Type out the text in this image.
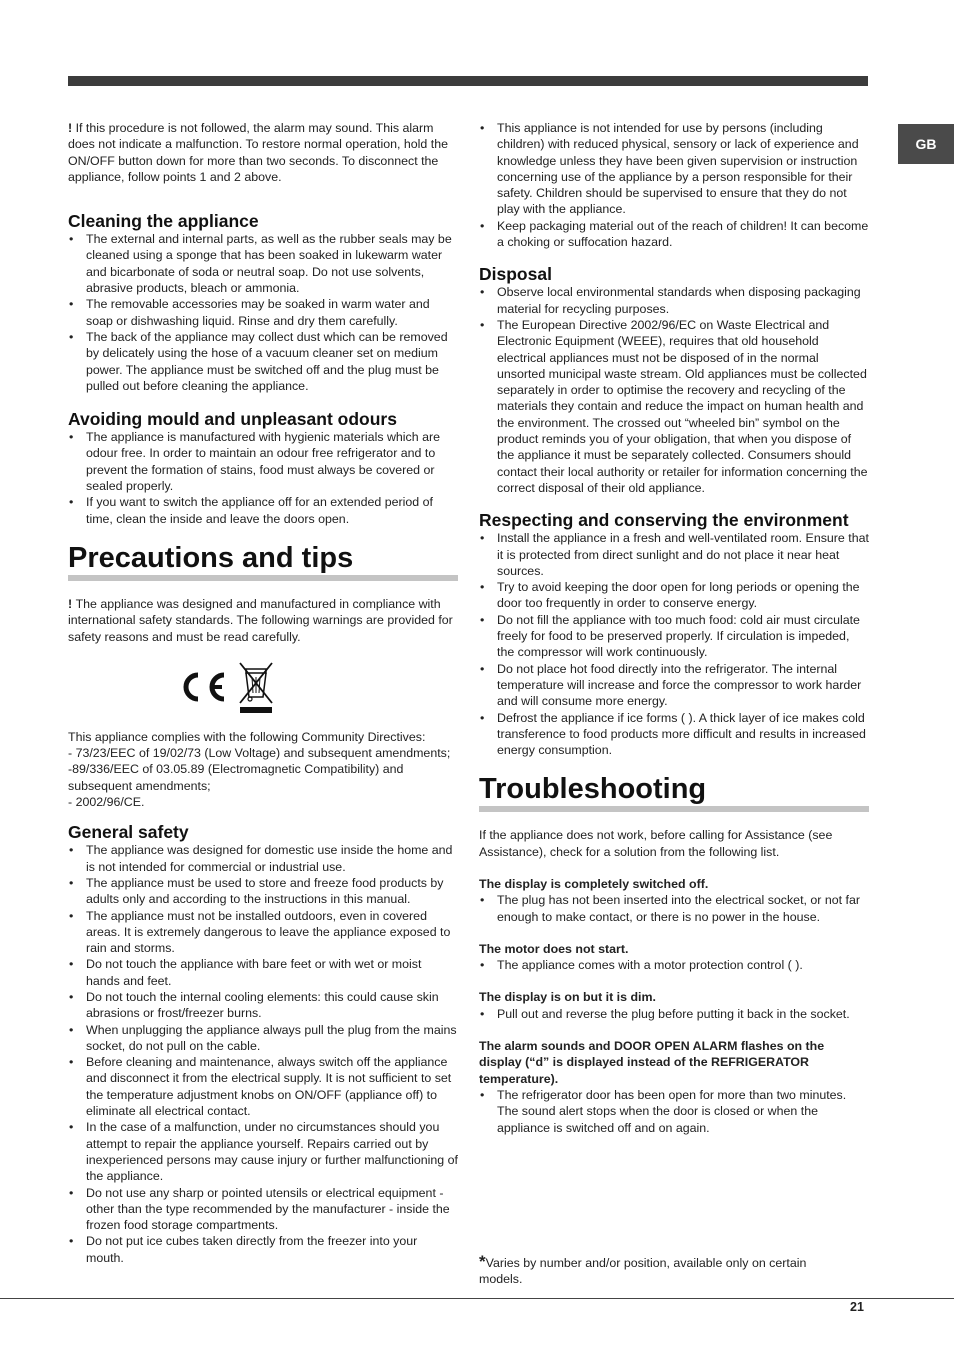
GB

! If this procedure is not followed, the alarm may sound. This alarm does not indicate a malfunction. To restore normal operation, hold the ON/OFF button down for more than two seconds. To disconnect the appliance, follow points 1 and 2 above.

Cleaning the appliance
• The external and internal parts, as well as the rubber seals may be cleaned using a sponge that has been soaked in lukewarm water and bicarbonate of soda or neutral soap. Do not use solvents, abrasive products, bleach or ammonia.
• The removable accessories may be soaked in warm water and soap or dishwashing liquid. Rinse and dry them carefully.
• The back of the appliance may collect dust which can be removed by delicately using the hose of a vacuum cleaner set on medium power. The appliance must be switched off and the plug must be pulled out before cleaning the appliance.
Avoiding mould and unpleasant odours
• The appliance is manufactured with hygienic materials which are odour free. In order to maintain an odour free refrigerator and to prevent the formation of stains, food must always be covered or sealed properly.
• If you want to switch the appliance off for an extended period of time, clean the inside and leave the doors open.
Precautions and tips

! The appliance was designed and manufactured in compliance with international safety standards. The following warnings are provided for safety reasons and must be read carefully.

This appliance complies with the following Community Directives:

- 73/23/EEC of 19/02/73 (Low Voltage) and subsequent amendments;

-89/336/EEC of 03.05.89 (Electromagnetic Compatibility) and subsequent amendments;

- 2002/96/CE.

General safety
• The appliance was designed for domestic use inside the home and is not intended for commercial or industrial use.
• The appliance must be used to store and freeze food products by adults only and according to the instructions in this manual.
• The appliance must not be installed outdoors, even in covered areas. It is extremely dangerous to leave the appliance exposed to rain and storms.
• Do not touch the appliance with bare feet or with wet or moist hands and feet.
• Do not touch the internal cooling elements: this could cause skin abrasions or frost/freezer burns.
• When unplugging the appliance always pull the plug from the mains socket, do not pull on the cable.
• Before cleaning and maintenance, always switch off the appliance and disconnect it from the electrical supply. It is not sufficient to set the temperature adjustment knobs on ON/OFF (appliance off) to eliminate all electrical contact.
• In the case of a malfunction, under no circumstances should you attempt to repair the appliance yourself. Repairs carried out by inexperienced persons may cause injury or further malfunctioning of the appliance.
• Do not use any sharp or pointed utensils or electrical equipment - other than the type recommended by the manufacturer - inside the frozen food storage compartments.
• Do not put ice cubes taken directly from the freezer into your mouth.
• This appliance is not intended for use by persons (including children) with reduced physical, sensory or lack of experience and knowledge unless they have been given supervision or instruction concerning use of the appliance by a person responsible for their safety. Children should be supervised to ensure that they do not play with the appliance.
• Keep packaging material out of the reach of children! It can become a choking or suffocation hazard.
Disposal
• Observe local environmental standards when disposing packaging material for recycling purposes.
• The European Directive 2002/96/EC on Waste Electrical and Electronic Equipment (WEEE), requires that old household electrical appliances must not be disposed of in the normal unsorted municipal waste stream. Old appliances must be collected separately in order to optimise the recovery and recycling of the materials they contain and reduce the impact on human health and the environment. The crossed out “wheeled bin” symbol on the product reminds you of your obligation, that when you dispose of the appliance it must be separately collected. Consumers should contact their local authority or retailer for information concerning the correct disposal of their old appliance.
Respecting and conserving the environment
• Install the appliance in a fresh and well-ventilated room. Ensure that it is protected from direct sunlight and do not place it near heat sources.
• Try to avoid keeping the door open for long periods or opening the door too frequently in order to conserve energy.
• Do not fill the appliance with too much food: cold air must circulate freely for food to be preserved properly. If circulation is impeded, the compressor will work continuously.
• Do not place hot food directly into the refrigerator. The internal temperature will increase and force the compressor to work harder and will consume more energy.
• Defrost the appliance if ice forms ( ). A thick layer of ice makes cold transference to food products more difficult and results in increased energy consumption.
Troubleshooting

If the appliance does not work, before calling for Assistance (see Assistance), check for a solution from the following list.

The display is completely switched off.

• The plug has not been inserted into the electrical socket, or not far enough to make contact, or there is no power in the house.

The motor does not start.

• The appliance comes with a motor protection control ( ).

The display is on but it is dim.

• Pull out and reverse the plug before putting it back in the socket.

The alarm sounds and DOOR OPEN ALARM flashes on the display (“d” is displayed instead of the REFRIGERATOR temperature).

• The refrigerator door has been open for more than two minutes. The sound alert stops when the door is closed or when the appliance is switched off and on again.

*Varies by number and/or position, available only on certain models.

21
